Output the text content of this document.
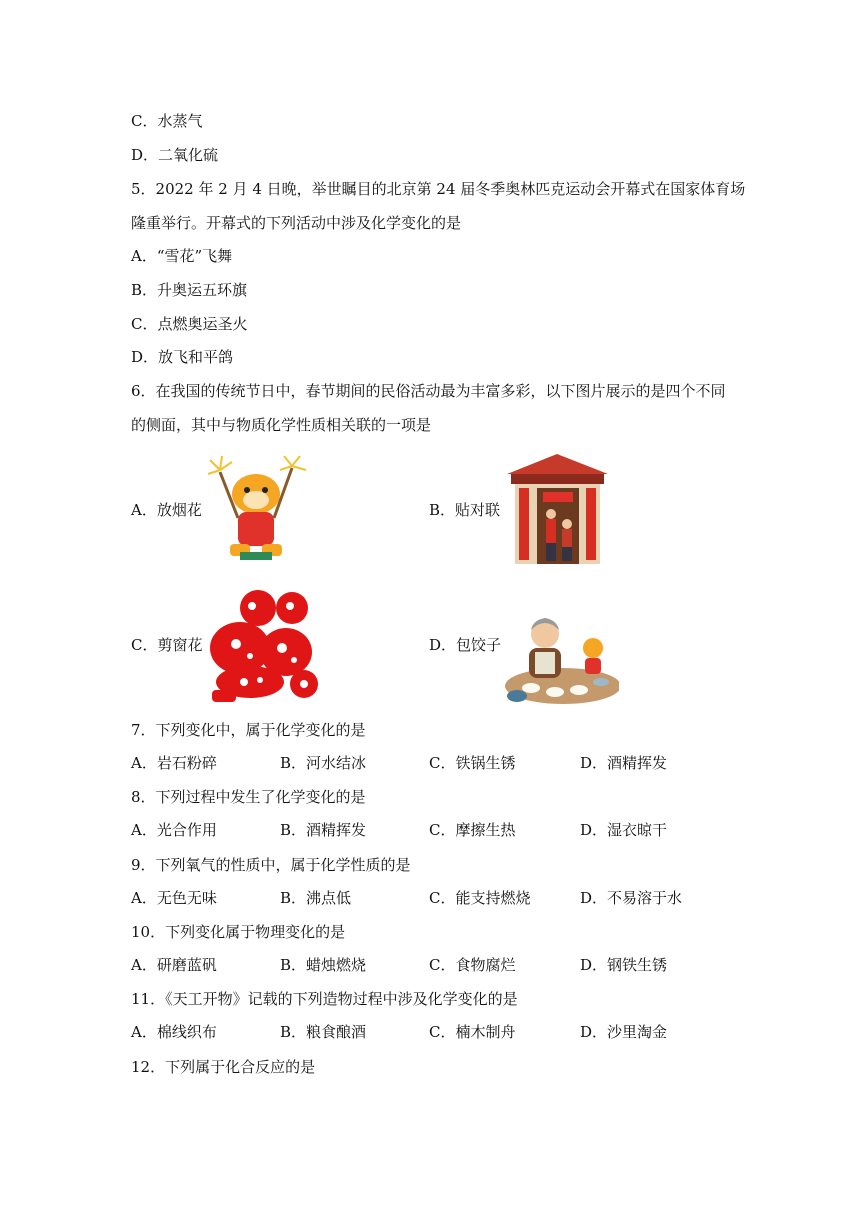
C．水蒸气
D．二氧化硫
5．2022 年 2 月 4 日晚，举世瞩目的北京第 24 届冬季奥林匹克运动会开幕式在国家体育场
隆重举行。开幕式的下列活动中涉及化学变化的是
A．“雪花”飞舞
B．升奥运五环旗
C．点燃奥运圣火
D．放飞和平鸽
6．在我国的传统节日中，春节期间的民俗活动最为丰富多彩，以下图片展示的是四个不同
的侧面，其中与物质化学性质相关联的一项是
A．放烟花	B．贴对联
C．剪窗花	D．包饺子
7．下列变化中，属于化学变化的是
A．岩石粉碎	B．河水结冰	C．铁锅生锈	D．酒精挥发
8．下列过程中发生了化学变化的是
A．光合作用	B．酒精挥发	C．摩擦生热	D．湿衣晾干
9．下列氧气的性质中，属于化学性质的是
A．无色无味	B．沸点低	C．能支持燃烧	D．不易溶于水
10．下列变化属于物理变化的是
A．研磨蓝矾	B．蜡烛燃烧	C．食物腐烂	D．钢铁生锈
11．《天工开物》记载的下列造物过程中涉及化学变化的是
A．棉线织布	B．粮食酿酒	C．楠木制舟	D．沙里淘金
12．下列属于化合反应的是
